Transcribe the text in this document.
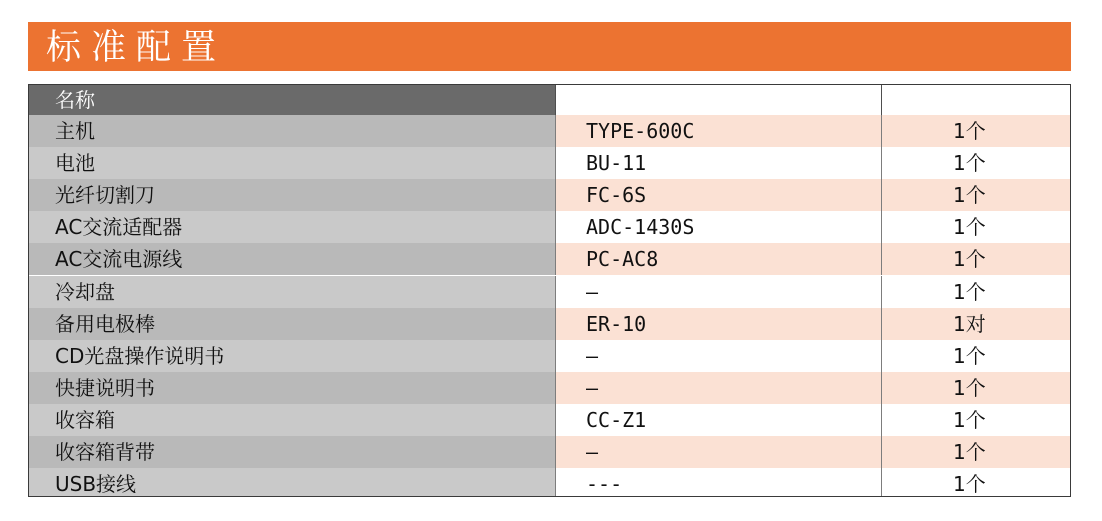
标准配置
名称	编号No.	数量
主机	TYPE-600C	1个
电池	BU-11	1个
光纤切割刀	FC-6S	1个
AC交流适配器	ADC-1430S	1个
AC交流电源线	PC-AC8	1个
冷却盘	—	1个
备用电极棒	ER-10	1对
CD光盘操作说明书	—	1个
快捷说明书	—	1个
收容箱	CC-Z1	1个
收容箱背带	—	1个
USB接线	---	1个
